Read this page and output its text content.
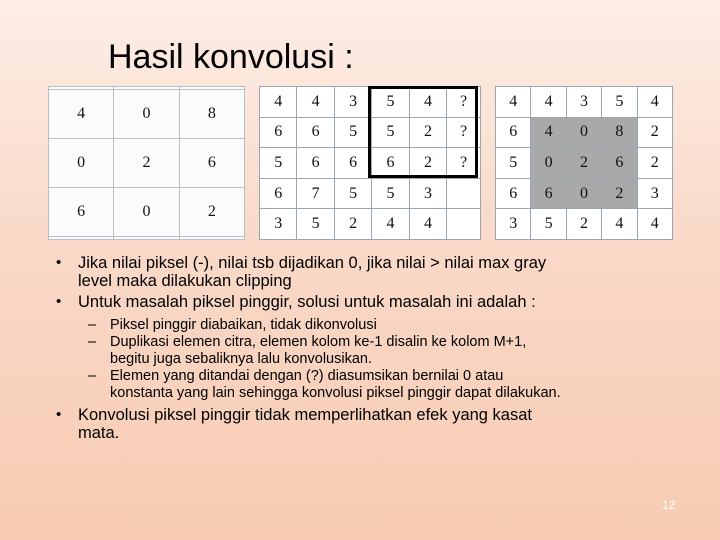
Hasil konvolusi :

4	0	8
0	2	6
6	0	2

4	4	3	5	4	?
6	6	5	5	2	?
5	6	6	6	2	?
6	7	5	5	3	
3	5	2	4	4	
4	4	3	5	4
6	4	0	8	2
5	0	2	6	2
6	6	0	2	3
3	5	2	4	4
• Jika nilai piksel (-), nilai tsb dijadikan 0, jika nilai > nilai max gray
level maka dilakukan clipping
• Untuk masalah piksel pinggir, solusi untuk masalah ini adalah :
– Piksel pinggir diabaikan, tidak dikonvolusi
– Duplikasi elemen citra, elemen kolom ke-1 disalin ke kolom M+1,
begitu juga sebaliknya lalu konvolusikan.
– Elemen yang ditandai dengan (?) diasumsikan bernilai 0 atau
konstanta yang lain sehingga konvolusi piksel pinggir dapat dilakukan.
• Konvolusi piksel pinggir tidak memperlihatkan efek yang kasat
mata.
12
